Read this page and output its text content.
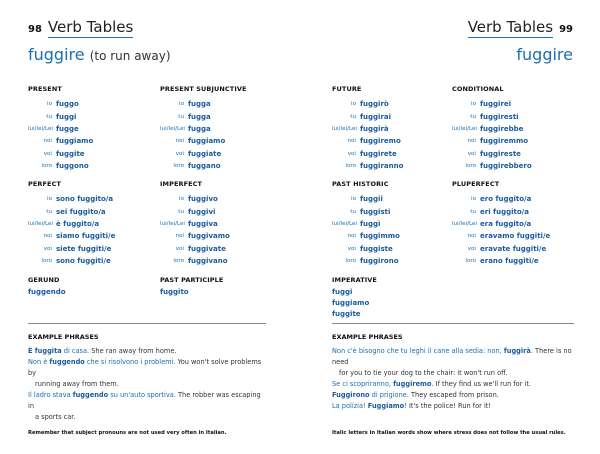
98 Verb Tables
fuggire (to run away)
PRESENT
io fuggo
tu fuggi
lui/lei/Lei fugge
noi fuggiamo
voi fuggite
loro fuggono
PRESENT SUBJUNCTIVE
io fugga
tu fugga
lui/lei/Lei fugga
noi fuggiamo
voi fuggiate
loro fuggano
PERFECT
io sono fuggito/a
tu sei fuggito/a
lui/lei/Lei è fuggito/a
noi siamo fuggiti/e
voi siete fuggiti/e
loro sono fuggiti/e
IMPERFECT
io fuggivo
tu fuggivi
lui/lei/Lei fuggiva
noi fuggivamo
voi fuggivate
loro fuggivano
GERUND
fuggendo
PAST PARTICIPLE
fuggito
EXAMPLE PHRASES
È fuggita di casa. She ran away from home.
Non è fuggendo che si risolvono i problemi. You won't solve problems by
running away from them.
Il ladro stava fuggendo su un'auto sportiva. The robber was escaping in
a sports car.
Remember that subject pronouns are not used very often in Italian.
Verb Tables 99
fuggire
FUTURE
io fuggirò
tu fuggirai
lui/lei/Lei fuggirà
noi fuggiremo
voi fuggirete
loro fuggiranno
CONDITIONAL
io fuggirei
tu fuggiresti
lui/lei/Lei fuggirebbe
noi fuggiremmo
voi fuggireste
loro fuggirebbero
PAST HISTORIC
io fuggii
tu fuggisti
lui/lei/Lei fuggì
noi fuggimmo
voi fuggiste
loro fuggirono
PLUPERFECT
io ero fuggito/a
tu eri fuggito/a
lui/lei/Lei era fuggito/a
noi eravamo fuggiti/e
voi eravate fuggiti/e
loro erano fuggiti/e
IMPERATIVE
fuggi
fuggiamo
fuggite
EXAMPLE PHRASES
Non c'è bisogno che tu leghi il cane alla sedia: non, fuggirà. There is no need
for you to tie your dog to the chair: it won't run off.
Se ci scopriranno, fuggiremo. If they find us we'll run for it.
Fuggirono di prigione. They escaped from prison.
La polizia! Fuggiamo! It's the police! Run for it!
Italic letters in Italian words show where stress does not follow the usual rules.
